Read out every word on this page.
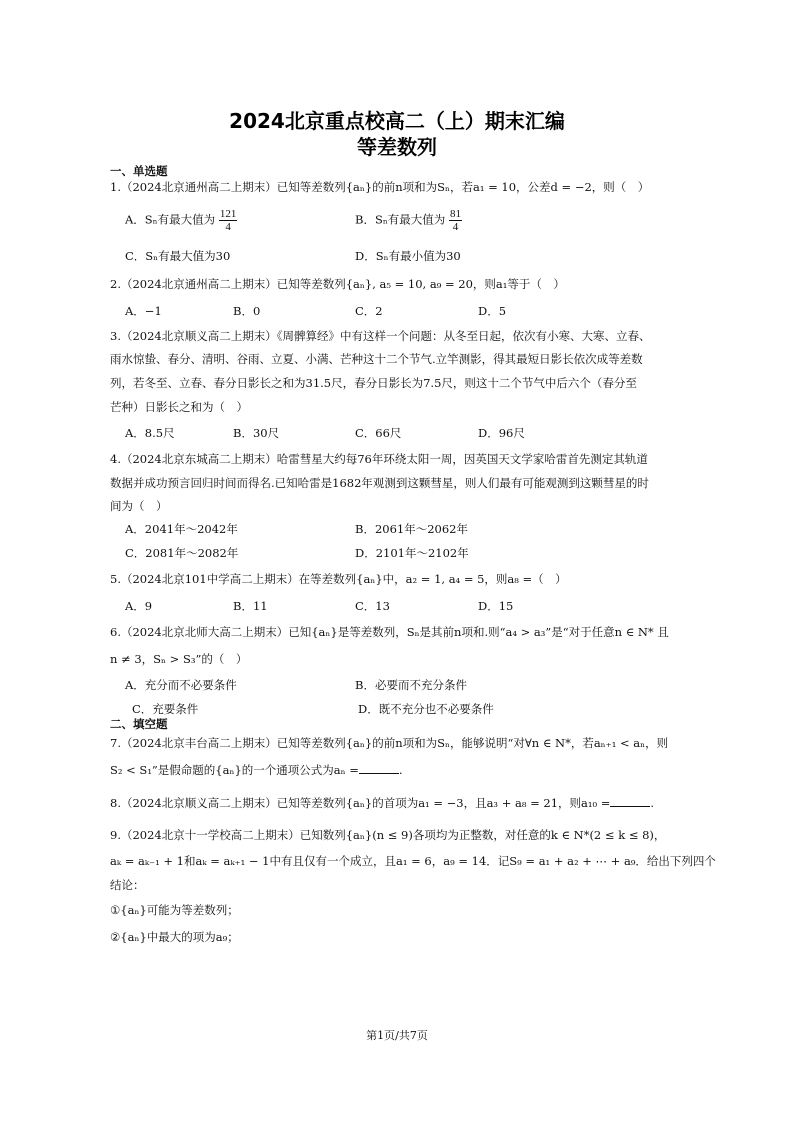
2024北京重点校高二（上）期末汇编
等差数列
一、单选题
1.（2024北京通州高二上期末）已知等差数列{aₙ}的前n项和为Sₙ，若a₁ = 10，公差d = −2，则（　）
A．Sₙ有最大值为 $\frac{121}{4}$	B．Sₙ有最大值为 $\frac{81}{4}$
C．Sₙ有最大值为30	D．Sₙ有最小值为30
2.（2024北京通州高二上期末）已知等差数列{aₙ}, a₅ = 10, a₉ = 20，则a₁等于（　）
A．−1	B．0	C．2	D．5
3.（2024北京顺义高二上期末）《周髀算经》中有这样一个问题：从冬至日起，依次有小寒、大寒、立春、
雨水惊蛰、春分、清明、谷雨、立夏、小满、芒种这十二个节气.立竿测影，得其最短日影长依次成等差数
列，若冬至、立春、春分日影长之和为31.5尺，春分日影长为7.5尺，则这十二个节气中后六个（春分至
芒种）日影长之和为（　）
A．8.5尺	B．30尺	C．66尺	D．96尺
4.（2024北京东城高二上期末）哈雷彗星大约每76年环绕太阳一周，因英国天文学家哈雷首先测定其轨道
数据并成功预言回归时间而得名.已知哈雷是1682年观测到这颗彗星，则人们最有可能观测到这颗彗星的时
间为（　）
A．2041年～2042年	B．2061年～2062年
C．2081年～2082年	D．2101年～2102年
5.（2024北京101中学高二上期末）在等差数列{aₙ}中，a₂ = 1, a₄ = 5，则a₈ =（　）
A．9	B．11	C．13	D．15
6.（2024北京北师大高二上期末）已知{aₙ}是等差数列，Sₙ是其前n项和.则“a₄ > a₃”是“对于任意n ∈ N* 且
n ≠ 3，Sₙ > S₃”的（　）
A．充分而不必要条件	B．必要而不充分条件
C．充要条件	D．既不充分也不必要条件
二、填空题
7.（2024北京丰台高二上期末）已知等差数列{aₙ}的前n项和为Sₙ，能够说明“对∀n ∈ N*，若aₙ₊₁ < aₙ，则
S₂ < S₁”是假命题的{aₙ}的一个通项公式为aₙ =	.
8.（2024北京顺义高二上期末）已知等差数列{aₙ}的首项为a₁ = −3，且a₃ + a₈ = 21，则a₁₀ =	.
9.（2024北京十一学校高二上期末）已知数列{aₙ}(n ≤ 9)各项均为正整数，对任意的k ∈ N*(2 ≤ k ≤ 8)，
aₖ = aₖ₋₁ + 1和aₖ = aₖ₊₁ − 1中有且仅有一个成立，且a₁ = 6，a₉ = 14．记S₉ = a₁ + a₂ + ⋯ + a₉．给出下列四个
结论：
①{aₙ}可能为等差数列；
②{aₙ}中最大的项为a₉；
第1页/共7页
